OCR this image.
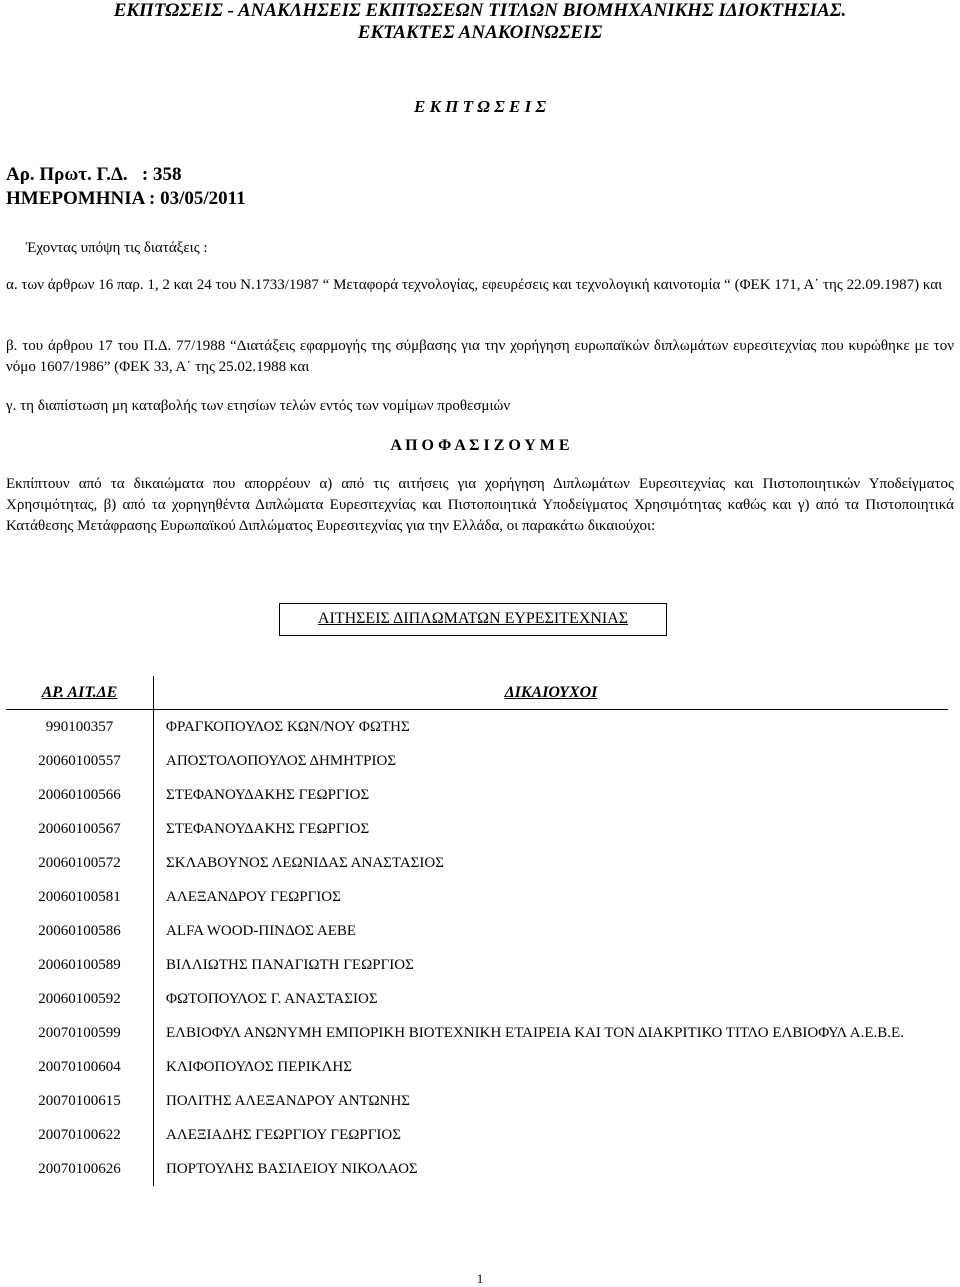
ΕΚΠΤΩΣΕΙΣ - ΑΝΑΚΛΗΣΕΙΣ ΕΚΠΤΩΣΕΩΝ ΤΙΤΛΩΝ ΒΙΟΜΗΧΑΝΙΚΗΣ ΙΔΙΟΚΤΗΣΙΑΣ.
ΕΚΤΑΚΤΕΣ ΑΝΑΚΟΙΝΩΣΕΙΣ
Ε Κ Π Τ Ω Σ Ε Ι Σ
Αρ. Πρωτ. Γ.Δ.   : 358
ΗΜΕΡΟΜΗΝΙΑ : 03/05/2011
Έχοντας υπόψη τις διατάξεις :
α. των άρθρων 16 παρ. 1, 2 και 24 του Ν.1733/1987 “ Μεταφορά τεχνολογίας, εφευρέσεις και τεχνολογική καινοτομία “ (ΦΕΚ 171, Α΄ της 22.09.1987) και
β. του άρθρου 17 του Π.Δ. 77/1988 “Διατάξεις εφαρμογής της σύμβασης για την χορήγηση ευρωπαϊκών διπλωμάτων ευρεσιτεχνίας που κυρώθηκε με τον νόμο 1607/1986” (ΦΕΚ 33, Α΄ της 25.02.1988 και
γ. τη διαπίστωση μη καταβολής των ετησίων τελών εντός των νομίμων προθεσμιών
Α Π Ο Φ Α Σ Ι Ζ Ο Υ Μ Ε
Εκπίπτουν από τα δικαιώματα που απορρέουν α) από τις αιτήσεις για χορήγηση Διπλωμάτων Ευρεσιτεχνίας και Πιστοποιητικών Υποδείγματος Χρησιμότητας, β) από τα χορηγηθέντα Διπλώματα Ευρεσιτεχνίας και Πιστοποιητικά Υποδείγματος Χρησιμότητας καθώς και γ) από τα Πιστοποιητικά Κατάθεσης Μετάφρασης Ευρωπαϊκού Διπλώματος Ευρεσιτεχνίας για την Ελλάδα, οι παρακάτω δικαιούχοι:
ΑΙΤΗΣΕΙΣ ΔΙΠΛΩΜΑΤΩΝ ΕΥΡΕΣΙΤΕΧΝΙΑΣ
ΑΡ. ΑΙΤ.ΔΕ	ΔΙΚΑΙΟΥΧΟΙ
990100357	ΦΡΑΓΚΟΠΟΥΛΟΣ ΚΩΝ/ΝΟΥ ΦΩΤΗΣ
20060100557	ΑΠΟΣΤΟΛΟΠΟΥΛΟΣ ΔΗΜΗΤΡΙΟΣ
20060100566	ΣΤΕΦΑΝΟΥΔΑΚΗΣ ΓΕΩΡΓΙΟΣ
20060100567	ΣΤΕΦΑΝΟΥΔΑΚΗΣ ΓΕΩΡΓΙΟΣ
20060100572	ΣΚΛΑΒΟΥΝΟΣ ΛΕΩΝΙΔΑΣ ΑΝΑΣΤΑΣΙΟΣ
20060100581	ΑΛΕΞΑΝΔΡΟΥ ΓΕΩΡΓΙΟΣ
20060100586	ALFA WOOD-ΠΙΝΔΟΣ ΑΕΒΕ
20060100589	ΒΙΛΛΙΩΤΗΣ ΠΑΝΑΓΙΩΤΗ ΓΕΩΡΓΙΟΣ
20060100592	ΦΩΤΟΠΟΥΛΟΣ Γ. ΑΝΑΣΤΑΣΙΟΣ
20070100599	ΕΛΒΙΟΦΥΛ ΑΝΩΝΥΜΗ ΕΜΠΟΡΙΚΗ ΒΙΟΤΕΧΝΙΚΗ ΕΤΑΙΡΕΙΑ ΚΑΙ ΤΟΝ ΔΙΑΚΡΙΤΙΚΟ ΤΙΤΛΟ ΕΛΒΙΟΦΥΛ Α.Ε.Β.Ε.
20070100604	ΚΛΙΦΟΠΟΥΛΟΣ ΠΕΡΙΚΛΗΣ
20070100615	ΠΟΛΙΤΗΣ ΑΛΕΞΑΝΔΡΟΥ ΑΝΤΩΝΗΣ
20070100622	ΑΛΕΞΙΑΔΗΣ ΓΕΩΡΓΙΟΥ ΓΕΩΡΓΙΟΣ
20070100626	ΠΟΡΤΟΥΛΗΣ ΒΑΣΙΛΕΙΟΥ ΝΙΚΟΛΑΟΣ
1
